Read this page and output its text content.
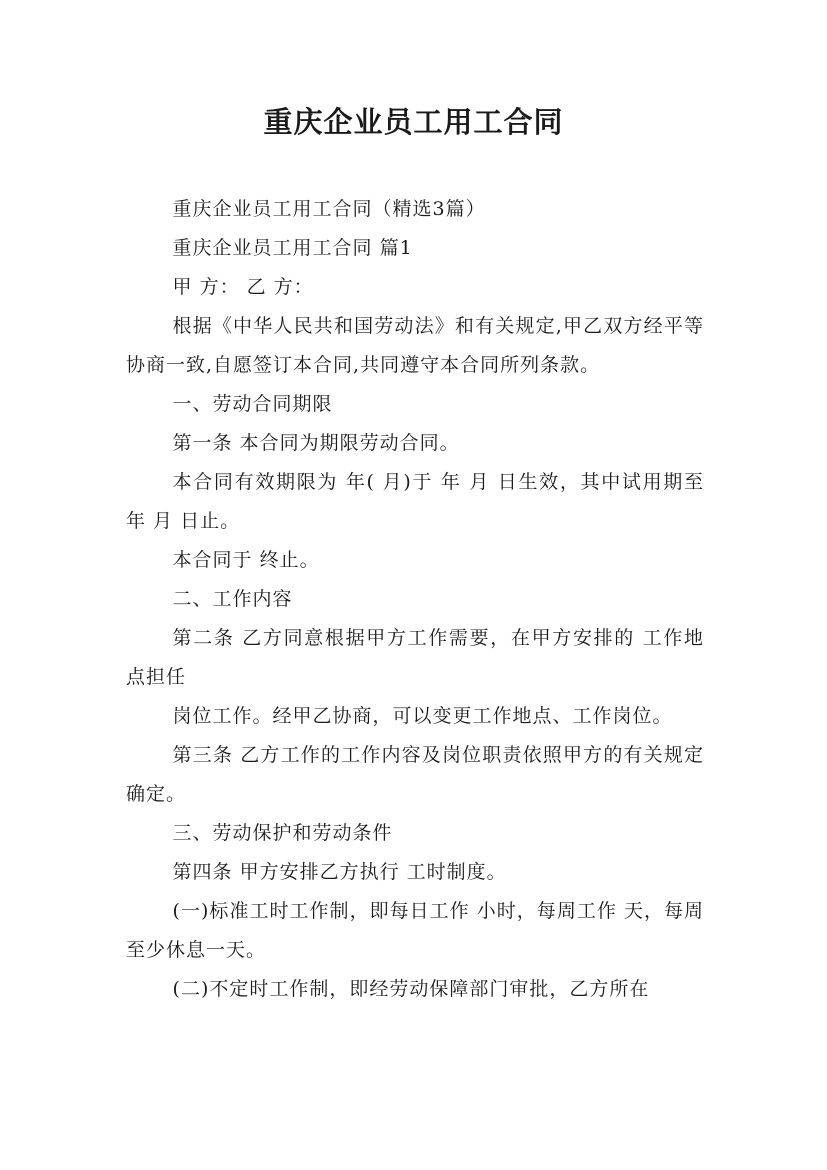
重庆企业员工用工合同

重庆企业员工用工合同（精选3篇）

重庆企业员工用工合同 篇1

甲 方： 乙 方：

根据《中华人民共和国劳动法》和有关规定,甲乙双方经平等协商一致,自愿签订本合同,共同遵守本合同所列条款。

一、劳动合同期限

第一条 本合同为期限劳动合同。

本合同有效期限为 年( 月)于 年 月 日生效，其中试用期至 年 月 日止。

本合同于 终止。

二、工作内容

第二条 乙方同意根据甲方工作需要，在甲方安排的 工作地点担任

岗位工作。经甲乙协商，可以变更工作地点、工作岗位。

第三条 乙方工作的工作内容及岗位职责依照甲方的有关规定确定。

三、劳动保护和劳动条件

第四条 甲方安排乙方执行 工时制度。

(一)标准工时工作制，即每日工作 小时，每周工作 天，每周至少休息一天。

(二)不定时工作制，即经劳动保障部门审批，乙方所在
